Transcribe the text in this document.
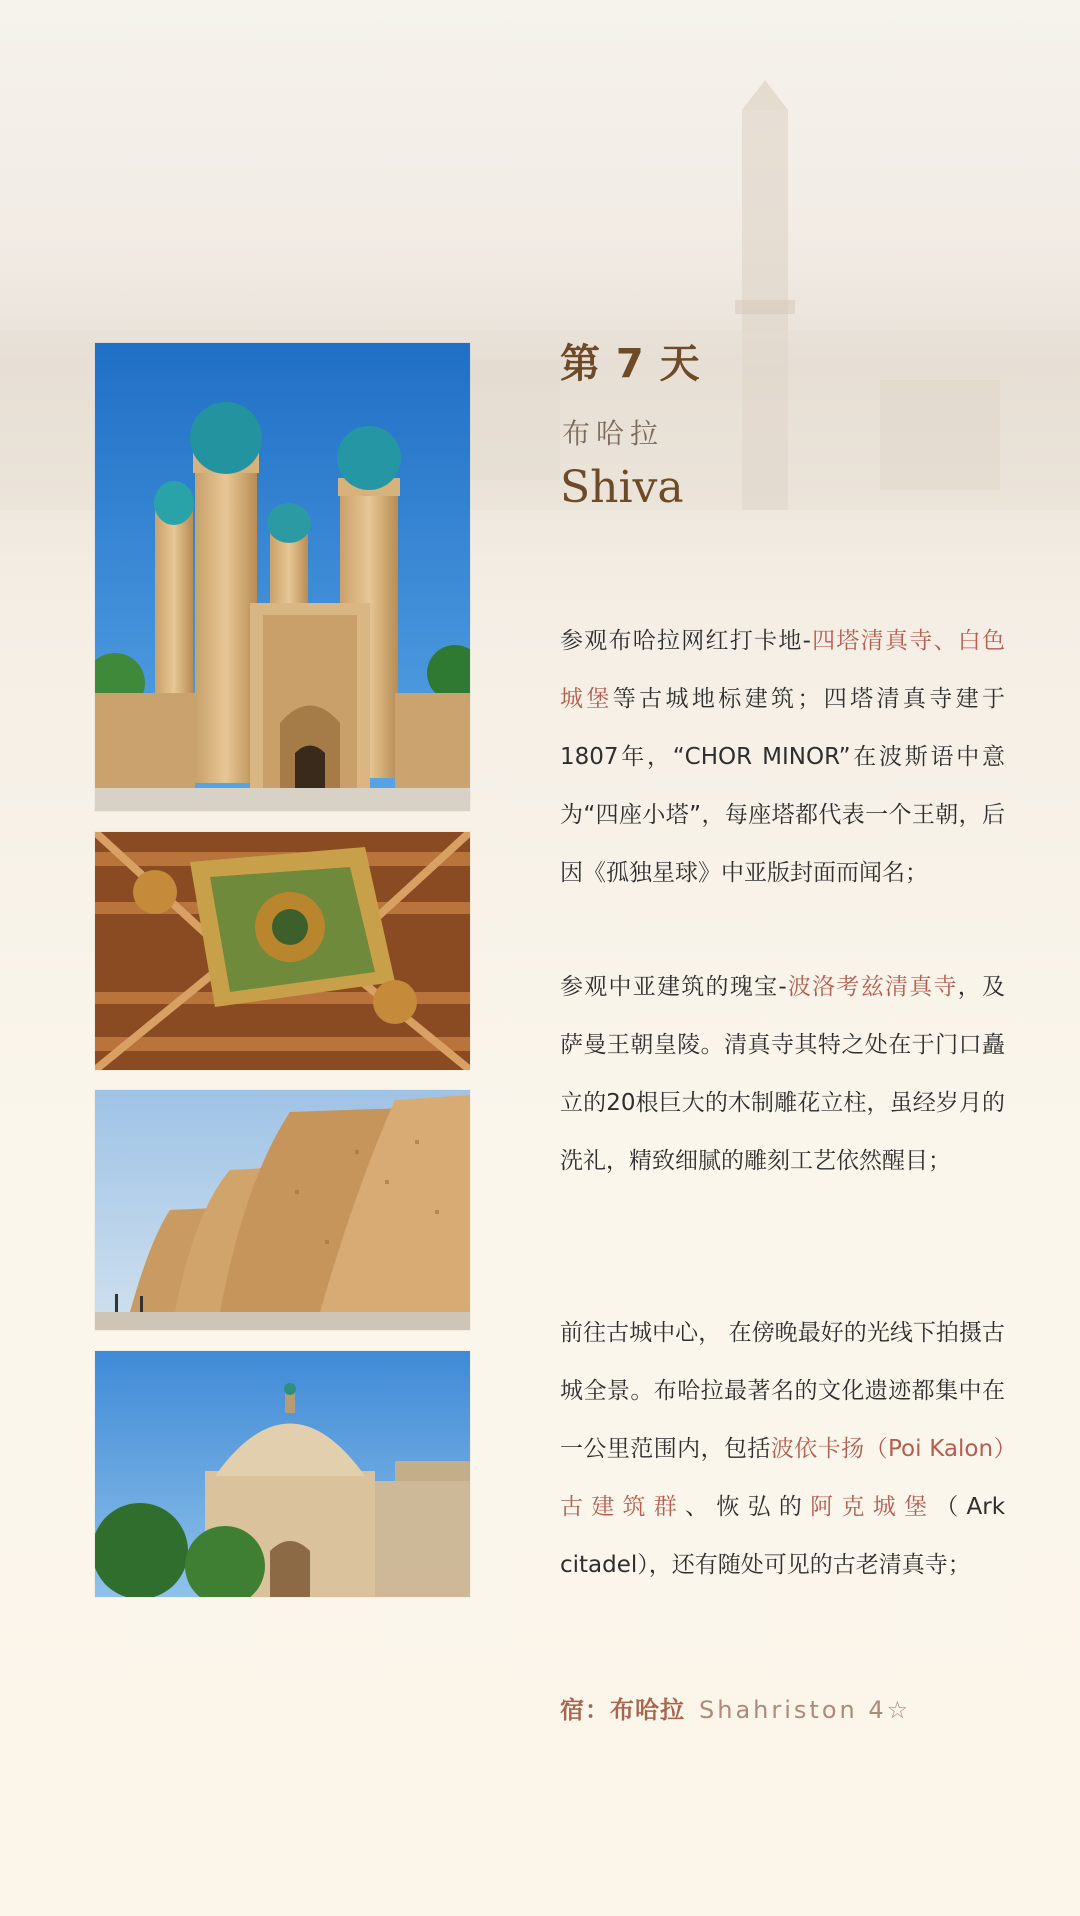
第 7 天
布哈拉
Shiva
参观布哈拉网红打卡地-四塔清真寺、白色城堡等古城地标建筑；四塔清真寺建于1807年，“CHOR MINOR”在波斯语中意为“四座小塔”，每座塔都代表一个王朝，后因《孤独星球》中亚版封面而闻名；
参观中亚建筑的瑰宝-波洛考兹清真寺，及萨曼王朝皇陵。清真寺其特之处在于门口矗立的20根巨大的木制雕花立柱，虽经岁月的洗礼，精致细腻的雕刻工艺依然醒目；
前往古城中心， 在傍晚最好的光线下拍摄古城全景。布哈拉最著名的文化遗迹都集中在一公里范围内，包括波依卡扬（Poi Kalon）古建筑群、恢弘的阿克城堡（Ark citadel），还有随处可见的古老清真寺；
宿：布哈拉 Shahriston 4☆
